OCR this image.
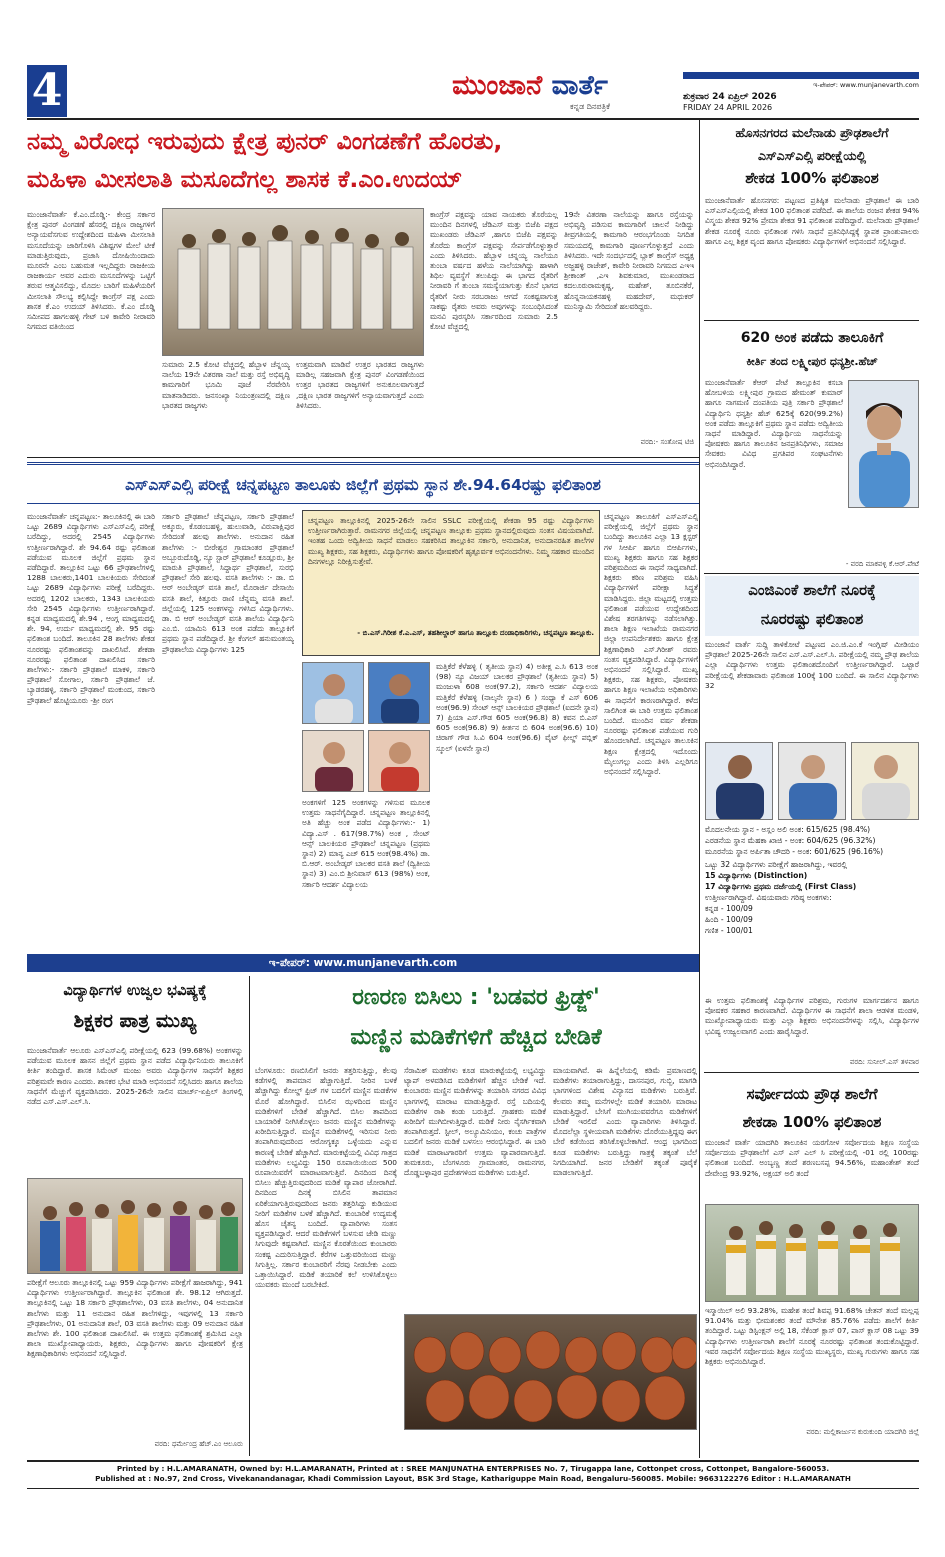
4	ಮುಂಜಾನೆ ವಾರ್ತೆ
ಕನ್ನಡ ದಿನಪತ್ರಿಕೆ
ಇ-ಪೇಪರ್: www.munjanevarth.com
ಶುಕ್ರವಾರ 24 ಏಪ್ರಿಲ್ 2026
FRIDAY 24 APRIL 2026
ನಮ್ಮ ವಿರೋಧ ಇರುವುದು ಕ್ಷೇತ್ರ ಪುನರ್ ವಿಂಗಡಣೆಗೆ ಹೊರತು,
ಮಹಿಳಾ ಮೀಸಲಾತಿ ಮಸೂದೆಗಲ್ಲ ಶಾಸಕ ಕೆ.ಎಂ.ಉದಯ್
ಮುಂಜಾನೆವಾರ್ತೆ ಕೆ.ಎಂ.ದೊಡ್ಡಿ:- ಕೇಂದ್ರ ಸರ್ಕಾರ ಕ್ಷೇತ್ರ ಪುನರ್ ವಿಂಗಡಣೆ ಹೆಸರಲ್ಲಿ ದಕ್ಷಿಣ ರಾಜ್ಯಗಳಿಗೆ ಅನ್ಯಾಯವೆಸಗುವ ಉದ್ದೇಶದಿಂದ ಮಹಿಳಾ ಮೀಸಲಾತಿ ಮಸೂದೆಯನ್ನು ಜಾರಿಗೊಳಿಸಿ ವಿಶಿಷ್ಟಗಳ ಮೇಲೆ ಟೀಕೆ ಮಾಡುತ್ತಿರುವುದು, ಪ್ರಜಾಸಿ ದೋಷಿಯಿಂದಾದು ಮೂರನೇ ಎಂಬ ಬಹುಮತ ಇಲ್ಲದಿದ್ದರು ರಾಜಕೀಯ ರಾಜಕಾರ್ಯ ಅವರ ಎದುರು ಮಸೂದೆಗಳನ್ನು ಒಟ್ಟಿಗೆ ತರುವ ಆತ್ಮವಿಸಲಿದ್ದು, ಮೊದಲ ಬಾರಿಗೆ ಮಹಿಳೆಯರಿಗೆ ಮೀಸಲಾತಿ ಸೌಲಭ್ಯ ಕಲ್ಪಿಸಿದ್ದೇ ಕಾಂಗ್ರೆಸ್ ಪಕ್ಷ ಎಂದು ಶಾಸಕ ಕೆ.ಎಂ ಉದಯ್ ತಿಳಿಸಿದರು. ಕೆ.ಎಂ ದೊಡ್ಡಿ ಸಮೀಪದ ಹಾಗಲಹಳ್ಳಿ ಗೇಟ್ ಬಳಿ ಕಾವೇರಿ ನೀರಾವರಿ ನಿಗಮದ ವತಿಯಿಂದ
ಸುಮಾರು 2.5 ಕೋಟಿ ವೆಚ್ಚದಲ್ಲಿ ಹೆಬ್ಬಾಳ ಚೆನ್ನಯ್ಯ ನಾಲೆಯ 19ನೇ ವಿತರಣಾ ನಾಲೆ ಮತ್ತು ರಸ್ತೆ ಅಭಿವೃದ್ಧಿ ಕಾಮಗಾರಿಗೆ ಭೂಮಿ ಪೂಜೆ ನೆರವೇರಿಸಿ ಮಾತನಾಡಿದರು. ಜನಸಂಖ್ಯಾ ನಿಯಂತ್ರಣದಲ್ಲಿ ದಕ್ಷಿಣ ಭಾರತದ ರಾಜ್ಯಗಳು
ಉತ್ತಮವಾಗಿ ಮಾಡಿವೆ ಉತ್ತರ ಭಾರತದ ರಾಜ್ಯಗಳು ಮಾಡಿಲ್ಲ ಸಹಜವಾಗಿ ಕ್ಷೇತ್ರ ಪುನರ್ ವಿಂಗಡಣೆಯಿಂದ ಉತ್ತರ ಭಾರತದ ರಾಜ್ಯಗಳಿಗೆ ಅನುಕೂಲವಾಗುತ್ತದೆ ,ದಕ್ಷಿಣ ಭಾರತ ರಾಜ್ಯಗಳಿಗೆ ಅನ್ಯಾಯವಾಗುತ್ತದೆ ಎಂದು ತಿಳಿಸಿದರು.
ಕಾಂಗ್ರೆಸ್ ಪಕ್ಷವನ್ನು ಯಾವ ನಾಯಕರು ತೊರೆಯಲ್ಲ ಮುಂದಿನ ದಿನಗಳಲ್ಲಿ ಜೆಡಿಎಸ್ ಮತ್ತು ಬಿಜೆಪಿ ಪಕ್ಷದ ಮುಖಂಡರು ಜೆಡಿಎಸ್ ,ಹಾಗೂ ಬಿಜೆಪಿ ಪಕ್ಷವನ್ನು ತೊರೆದು ಕಾಂಗ್ರೆಸ್ ಪಕ್ಷವನ್ನು ಸೇರ್ಪಡೆಗೊಳ್ಳುತ್ತಾರೆ ಎಂದು ತಿಳಿಸಿದರು. ಹೆಬ್ಬಾಳ ಚನ್ನಯ್ಯ ನಾಲೆಯೂ ತುಂಬಾ ವರ್ಷದ ಹಳೆಯ ನಾಲೆಯಾಗಿದ್ದು ಹಾಳಾಗಿ ಶಿಥಿಲ ವ್ಯವಸ್ಥೆಗೆ ತಲುಪಿದ್ದು ಈ ಭಾಗದ ರೈತರಿಗೆ ನೀರಾವರಿ ಗೆ ತುಂಬಾ ಸಮಸ್ಯೆಯಾಗುತ್ತು ಕೊನೆ ಭಾಗದ ರೈತರಿಗೆ ನೀರು ಸರಬರಾಜು ಆಗದೆ ಸಂಕಷ್ಟವಾಗುತ್ತ ಸಾಕಷ್ಟು ರೈತರು ಅವರು ಅವುಗಳನ್ನು ಸಂಬಂಧಿಸಿದಂತೆ ಮನವಿ ಪುರಸ್ಕರಿಸಿ ಸರ್ಕಾರದಿಂದ ಸುಮಾರು 2.5 ಕೋಟಿ ವೆಚ್ಚದಲ್ಲಿ
19ನೇ ವಿತರಣಾ ನಾಲೆಯನ್ನು ಹಾಗೂ ರಸ್ತೆಯನ್ನು ಅಭಿವೃದ್ಧಿ ಪಡಿಸುವ ಕಾಮಗಾರಿಗೆ ಚಾಲನೆ ನೀಡಿದ್ದು ತೀವ್ರಗತಿಯಲ್ಲಿ ಕಾಮಗಾರಿ ಆರಂಭಗೊಂಡು ನಿಗದಿತ ಸಮಯದಲ್ಲಿ ಕಾಮಗಾರಿ ಪೂರ್ಣಗೊಳ್ಳುತ್ತದೆ ಎಂದು ತಿಳಿಸಿದರು. ಇದೇ ಸಂದರ್ಭದಲ್ಲಿ ಬ್ಲಾಕ್ ಕಾಂಗ್ರೆಸ್ ಅಧ್ಯಕ್ಷ ಅಜ್ಜಹಳ್ಳಿ ರಾಜೇಶ್, ಕಾವೇರಿ ನೀರಾವರಿ ನಿಗಮದ ಎಇಇ ಶ್ರೀಕಾಂತ್ ,ಎಇ ಶಿವಕುಮಾರ, ಮುಖಂಡರಾದ ಕದಲೂರುರಾಮಕೃಷ್ಣ, ಮಹೇಶ್, ತೂಬಿನಕೆರೆ, ಹೊನ್ನನಾಯಕನಹಳ್ಳಿ ಮಹದೇವ್, ಮಧುಕರ್ ಮುನಿಸ್ವಾಮಿ ಸೇರಿದಂತೆ ಹಲವರಿದ್ದರು.
ವರದಿ:- ಸಂತೋಷ ಟಿಜಿ
ಹೊಸನಗರದ ಮಲೆನಾಡು ಪ್ರೌಢಶಾಲೆಗೆ
ಎಸ್ಎಸ್ಎಲ್ಸಿ ಪರೀಕ್ಷೆಯಲ್ಲಿ
ಶೇಕಡ 100% ಫಲಿತಾಂಶ
ಮುಂಜಾನೆವಾರ್ತೆ ಹೊಸನಗರ: ಪಟ್ಟಣದ ಪ್ರತಿಷ್ಠಿತ ಮಲೆನಾಡು ಪ್ರೌಢಶಾಲೆ ಈ ಬಾರಿ ಎಸ್ಎಸ್ಎಲ್ಸಿಯಲ್ಲಿ ಶೇಕಡ 100 ಫಲಿತಾಂಶ ಪಡೆದಿದೆ. ಈ ಶಾಲೆಯ ರಂಜನ ಶೇಕಡ 94% ವಿಸ್ಮಯ ಶೇಕಡ 92% ಪ್ರೇಮಾ ಶೇಕಡ 91 ಫಲಿತಾಂಶ ಪಡೆದಿದ್ದಾರೆ. ಮಲೆನಾಡು ಪ್ರೌಢಶಾಲೆ ಶೇಕಡ ನೂರಕ್ಕೆ ನೂರು ಫಲಿತಾಂಶ ಗಳಿಸಿ ಸಾಧನೆ ಪ್ರತಿನಿಧಿಸಿದ್ದಕ್ಕೆ ಸ್ಥಾಪಕ ಪ್ರಾಂಶುಪಾಲರು ಹಾಗೂ ಎಲ್ಲ ಶಿಕ್ಷಕ ವೃಂದ ಹಾಗೂ ಪೋಷಕರು ವಿದ್ಯಾರ್ಥಿಗಳಿಗೆ ಅಭಿನಂದನೆ ಸಲ್ಲಿಸಿದ್ದಾರೆ.
620 ಅಂಕ ಪಡೆದು ತಾಲೂಕಿಗೆ
ಕೀರ್ತಿ ತಂದ ಲಕ್ಷ್ಮೀಪುರ ಧನ್ಯಶ್ರೀ.ಹೆಚ್
ಮುಂಜಾನೆವಾರ್ತೆ ಕೆಆರ್ ಪೇಟೆ ತಾಲ್ಲೂಕಿನ ಕಸಬಾ ಹೋಬಳಿಯ ಲಕ್ಷ್ಮೀಪುರ ಗ್ರಾಮದ ಹೇಮಂತ್ ಕುಮಾರ್ ಹಾಗೂ ನಾಗಮಣಿ ದಂಪತಿಯ ಪುತ್ರಿ ಸರ್ಕಾರಿ ಪ್ರೌಢಶಾಲೆ ವಿದ್ಯಾರ್ಥಿನಿ ಧನ್ಯಶ್ರೀ ಹೆಚ್ 625ಕ್ಕೆ 620(99.2%) ಅಂಕ ಪಡೆದು ತಾಲ್ಲೂಕಿಗೆ ಪ್ರಥಮ ಸ್ಥಾನ ಪಡೆದು ಅದ್ವಿತೀಯ ಸಾಧನೆ ಮಾಡಿದ್ದಾರೆ. ವಿದ್ಯಾರ್ಥಿಯ ಸಾಧನೆಯನ್ನು ಪೋಷಕರು ಹಾಗೂ ತಾಲೂಕಿನ ಜನಪ್ರತಿನಿಧಿಗಳು, ಸಮಾಜ ಸೇವಕರು ವಿವಿಧ ಪ್ರಗತಿಪರ ಸಂಘಟನೆಗಳು ಅಭಿನಂದಿಸಿದ್ದಾರೆ.
- ವರದಿ ಮಾಕವಳ್ಳಿ ಕೆ.ಆರ್.ಪೇಟೆ
ಎಂಜಿಎಂಕೆ ಶಾಲೆಗೆ ನೂರಕ್ಕೆ
ನೂರರಷ್ಟು ಫಲಿತಾಂಶ
ಮುಂಜಾನೆ ವಾರ್ತೆ ಸುದ್ದಿ ತಾಳಿಕೋಟೆ ಪಟ್ಟಣದ ಎಂ.ಜಿ.ಎಂ.ಕೆ ಇಂಗ್ಲಿಷ್ ಮೀಡಿಯಂ ಪ್ರೌಢಶಾಲೆ 2025-26ನೇ ಸಾಲಿನ ಎಸ್.ಎಸ್.ಎಲ್.ಸಿ. ಪರೀಕ್ಷೆಯಲ್ಲಿ ನಮ್ಮ ಪ್ರೌಢ ಶಾಲೆಯ ಎಲ್ಲಾ ವಿದ್ಯಾರ್ಥಿಗಳು ಉತ್ತಮ ಫಲಿತಾಂಶದೊಂದಿಗೆ ಉತ್ತೀರ್ಣರಾಗಿದ್ದಾರೆ. ಒಟ್ಟಾರೆ ಪರೀಕ್ಷೆಯಲ್ಲಿ ಶೇಕಡಾವಾರು ಫಲಿತಾಂಶ 100ಕ್ಕೆ 100 ಬಂದಿದೆ. ಈ ಸಾಲಿನ ವಿದ್ಯಾರ್ಥಿಗಳು 32
ಮೊದಲನೇಯ ಸ್ಥಾನ - ಅಸ್ಲಂ ಅಲಿ ಅಂಕ: 615/625 (98.4%)
ಎರಡನೆಯ ಸ್ಥಾನ ಮೆಹಕಾ ಖಾಜಿ - ಅಂಕ: 604/625 (96.32%)
ಮೂರನೆಯ ಸ್ಥಾನ ಅರ್ಪಿತಾ ಚೌದರಿ - ಅಂಕ: 601/625 (96.16%)
ಒಟ್ಟು 32 ವಿದ್ಯಾರ್ಥಿಗಳು ಪರೀಕ್ಷೆಗೆ ಹಾಜರಾಗಿದ್ದು, ಇವರಲ್ಲಿ
15 ವಿದ್ಯಾರ್ಥಿಗಳು (Distinction)
17 ವಿದ್ಯಾರ್ಥಿಗಳು ಪ್ರಥಮ ದರ್ಜೆಯಲ್ಲಿ (First Class)
ಉತ್ತೀರ್ಣರಾಗಿದ್ದಾರೆ. ವಿಷಯವಾರು ಗರಿಷ್ಠ ಅಂಕಗಳು:
ಕನ್ನಡ - 100/09
ಹಿಂದಿ - 100/09
ಗಣಿತ - 100/01
ಈ ಉತ್ತಮ ಫಲಿತಾಂಶಕ್ಕೆ ವಿದ್ಯಾರ್ಥಿಗಳ ಪರಿಶ್ರಮ, ಗುರುಗಳ ಮಾರ್ಗದರ್ಶನ ಹಾಗೂ ಪೋಷಕರ ಸಹಕಾರ ಕಾರಣವಾಗಿದೆ. ವಿದ್ಯಾರ್ಥಿಗಳ ಈ ಸಾಧನೆಗೆ ಶಾಲಾ ಆಡಳಿತ ಮಂಡಳಿ, ಮುಖ್ಯೋಪಾಧ್ಯಾಯರು ಮತ್ತು ಎಲ್ಲಾ ಶಿಕ್ಷಕರು ಅಭಿನಂದನೆಗಳನ್ನು ಸಲ್ಲಿಸಿ, ವಿದ್ಯಾರ್ಥಿಗಳ ಭವಿಷ್ಯ ಉಜ್ವಲವಾಗಲಿ ಎಂದು ಹಾರೈಸಿದ್ದಾರೆ.
ವರದಿ: ಸುನೀಲ್.ಎಸ್ ತಳವಾರ
ಸರ್ವೋದಯ ಪ್ರೌಢ ಶಾಲೆಗೆ
ಶೇಕಡಾ 100% ಫಲಿತಾಂಶ
ಮುಂಜಾನೆ ವಾರ್ತೆ ಯಾದಗಿರಿ ತಾಲೂಕಿನ ಯರಗೋಳ ಸರ್ವೋದಯ ಶಿಕ್ಷಣ ಸಂಸ್ಥೆಯ ಸರ್ವೋದಯ ಪ್ರೌಢಶಾಲೆಗೆ ಎಸ್ ಎಸ್ ಎಲ್ ಸಿ ಪರೀಕ್ಷೆಯಲ್ಲಿ -01 ರಲ್ಲಿ 100ರಷ್ಟು ಫಲಿತಾಂಶ ಬಂದಿದೆ. ಅಂಬ್ಯಣ್ಣ ತಂದೆ ಶರಣಬಸಪ್ಪ 94.56%, ಮಹಾಂತೇಶ್ ತಂದೆ ದೇವೇಂದ್ರ 93.92%, ಅಕ್ಷಯ್ ಅಲಿ ತಂದೆ
ಇಸ್ಮಾಯಿಲ್ ಅಲಿ 93.28%, ಮಹೇಶ ತಂದೆ ಶಿವಪ್ಪ 91.68% ಚೇತನ್ ತಂದೆ ಮಲ್ಲಪ್ಪ 91.04% ಮತ್ತು ಭೀಮಶಂಕರ ತಂದೆ ಮೌನೇಶ 85.76% ಪಡೆದು ಶಾಲೆಗೆ ಕೀರ್ತಿ ತಂದಿದ್ದಾರೆ. ಒಟ್ಟು ಡಿಸ್ಟಿಂಕ್ಷನ್ ಅಲ್ಲಿ 18, ಸೆಕೆಂಡ್ ಕ್ಲಾಸ್ 07, ಪಾಸ್ ಕ್ಲಾಸ್ 08 ಒಟ್ಟು 39 ವಿದ್ಯಾರ್ಥಿಗಳು ಉತ್ತೀರ್ಣರಾಗಿ ಶಾಲೆಗೆ ನೂರಕ್ಕೆ ನೂರರಷ್ಟು ಫಲಿತಾಂಶ ತಂದುಕೊಟ್ಟಿದ್ದಾರೆ. ಇವರ ಸಾಧನೆಗೆ ಸರ್ವೋದಯ ಶಿಕ್ಷಣ ಸಂಸ್ಥೆಯ ಮುಖ್ಯಸ್ಥರು, ಮುಖ್ಯ ಗುರುಗಳು ಹಾಗೂ ಸಹ ಶಿಕ್ಷಕರು ಅಭಿನಂದಿಸಿದ್ದಾರೆ.
ವರದಿ: ಮಲ್ಲಿಕಾರ್ಜುನ ಕುರುಕುಂದಿ ಯಾದಗಿರಿ ಜಿಲ್ಲೆ
ಎಸ್ಎಸ್ಎಲ್ಸಿ ಪರೀಕ್ಷೆ ಚನ್ನಪಟ್ಟಣ ತಾಲೂಕು ಜಿಲ್ಲೆಗೆ ಪ್ರಥಮ ಸ್ಥಾನ ಶೇ.94.64ರಷ್ಟು ಫಲಿತಾಂಶ
ಮುಂಜಾನೆವಾರ್ತೆ ಚನ್ನಪಟ್ಟಣ:- ತಾಲೂಕಿನಲ್ಲಿ ಈ ಬಾರಿ ಒಟ್ಟು 2689 ವಿದ್ಯಾರ್ಥಿಗಳು ಎಸ್ಎಸ್ಎಲ್ಸಿ ಪರೀಕ್ಷೆ ಬರೆದಿದ್ದು, ಅದರಲ್ಲಿ 2545 ವಿದ್ಯಾರ್ಥಿಗಳು ಉತ್ತೀರ್ಣರಾಗಿದ್ದಾರೆ. ಶೇ 94.64 ರಷ್ಟು ಫಲಿತಾಂಶ ಪಡೆಯುವ ಮೂಲಕ ಜಿಲ್ಲೆಗೆ ಪ್ರಥಮ ಸ್ಥಾನ ಪಡೆದಿದ್ದಾರೆ. ತಾಲ್ಲೂಕಿನ ಒಟ್ಟು 66 ಪ್ರೌಢಶಾಲೆಗಳಲ್ಲಿ 1288 ಬಾಲಕರು,1401 ಬಾಲಕಿಯರು ಸೇರಿದಂತೆ ಒಟ್ಟು 2689 ವಿದ್ಯಾರ್ಥಿಗಳು ಪರೀಕ್ಷೆ ಬರೆದಿದ್ದರು. ಅದರಲ್ಲಿ 1202 ಬಾಲಕರು, 1343 ಬಾಲಕಿಯರು ಸೇರಿ 2545 ವಿದ್ಯಾರ್ಥಿಗಳು ಉತ್ತೀರ್ಣರಾಗಿದ್ದಾರೆ. ಕನ್ನಡ ಮಾಧ್ಯಮದಲ್ಲಿ ಶೇ.94 , ಆಂಗ್ಲ ಮಾಧ್ಯಮದಲ್ಲಿ ಶೇ. 94, ಉರ್ದು ಮಾಧ್ಯಮದಲ್ಲಿ ಶೇ. 95 ರಷ್ಟು ಫಲಿತಾಂಶ ಬಂದಿದೆ. ತಾಲೂಕಿನ 28 ಶಾಲೆಗಳು ಶೇಕಡ ನೂರರಷ್ಟು ಫಲಿತಾಂಶವನ್ನು ದಾಖಲಿಸಿವೆ. ಶೇಕಡಾ ನೂರರಷ್ಟು ಫಲಿತಾಂಶ ದಾಖಲಿಸಿದ ಸರ್ಕಾರಿ ಶಾಲೆಗಳು:- ಸರ್ಕಾರಿ ಪ್ರೌಢಶಾಲೆ ಮಾಕಳಿ, ಸರ್ಕಾರಿ ಪ್ರೌಢಶಾಲೆ ಸೋಗಾಲ, ಸರ್ಕಾರಿ ಪ್ರೌಢಶಾಲೆ ಜೆ. ಬ್ಯಾಡರಹಳ್ಳಿ, ಸರ್ಕಾರಿ ಪ್ರೌಢಶಾಲೆ ಮಂಕುಂದ, ಸರ್ಕಾರಿ ಪ್ರೌಢಶಾಲೆ ಹೊಟ್ಟಿಯೂರು -ಶ್ರೀ ರಂಗ
ಸರ್ಕಾರಿ ಪ್ರೌಢಶಾಲೆ ಚೆನ್ನಪಟ್ಟಣ, ಸರ್ಕಾರಿ ಪ್ರೌಢಶಾಲೆ ಅಕ್ಕೂರು, ಕೊಡಂಬಹಳ್ಳಿ, ಹುಲುವಾಡಿ, ವಿರುಪಾಕ್ಷಿಪುರ ಸೇರಿದಂತೆ ಹಲವು ಶಾಲೆಗಳು. ಅನುದಾನ ರಹಿತ ಶಾಲೆಗಳು :- ಬೀರೇಶ್ವರ ಗ್ರಾಮಾಂತರ ಪ್ರೌಢಶಾಲೆ ಅಬ್ಬೂರುದೊಡ್ಡಿ, ನ್ಯೂ ಸ್ಟಾರ್ ಪ್ರೌಢಶಾಲೆ ಕೂಡ್ಲೂರು, ಶ್ರೀ ಮಾರುತಿ ಪ್ರೌಢಶಾಲೆ, ಸಿದ್ದಾರ್ಥ ಪ್ರೌಢಶಾಲೆ, ಸುರಭಿ ಪ್ರೌಢಶಾಲೆ ಸೇರಿ ಹಲವು. ವಸತಿ ಶಾಲೆಗಳು :- ಡಾ. ಬಿ ಆರ್ ಅಂಬೇಡ್ಕರ್ ವಸತಿ ಶಾಲೆ, ಮೊರಾರ್ಜಿ ದೇಸಾಯಿ ವಸತಿ ಶಾಲೆ, ಕಿತ್ತೂರು ರಾಣಿ ಚೆನ್ನಮ್ಮ ವಸತಿ ಶಾಲೆ. ಜಿಲ್ಲೆಯಲ್ಲಿ 125 ಅಂಕಗಳನ್ನು ಗಳಿಸಿದ ವಿದ್ಯಾರ್ಥಿಗಳು. ಡಾ. ಬಿ ಆರ್ ಅಂಬೇಡ್ಕರ್ ವಸತಿ ಶಾಲೆಯ ವಿದ್ಯಾರ್ಥಿನಿ ಎಂ.ಬಿ. ಯಾಮಿನಿ 613 ಅಂಕ ಪಡೆದು ತಾಲ್ಲೂಕಿಗೆ ಪ್ರಥಮ ಸ್ಥಾನ ಪಡೆದಿದ್ದಾರೆ. ಶ್ರೀ ಕೆಂಗಲ್ ಹನುಮಂತಯ್ಯ ಪ್ರೌಢಶಾಲೆಯ ವಿದ್ಯಾರ್ಥಿಗಳು 125
ಚನ್ನಪಟ್ಟಣ ತಾಲ್ಲೂಕಿನಲ್ಲಿ 2025-26ನೇ ಸಾಲಿನ SSLC ಪರೀಕ್ಷೆಯಲ್ಲಿ ಶೇಕಡಾ 95 ರಷ್ಟು ವಿದ್ಯಾರ್ಥಿಗಳು ಉತ್ತೀರ್ಣರಾಗಿರುತ್ತಾರೆ. ರಾಮನಗರ ಜಿಲ್ಲೆಯಲ್ಲಿ ಚನ್ನಪಟ್ಟಣ ತಾಲ್ಲೂಕು ಪ್ರಥಮ ಸ್ಥಾನದಲ್ಲಿರುವುದು ಸಂತಸ ವಿಷಯವಾಗಿದೆ. ಇಂತಹ ಒಂದು ಅದ್ವಿತೀಯ ಸಾಧನೆ ಮಾಡಲು ಸಹಕರಿಸಿದ ತಾಲ್ಲೂಕಿನ ಸರ್ಕಾರಿ, ಅನುದಾನಿತ, ಅನುದಾನರಹಿತ ಶಾಲೆಗಳ ಮುಖ್ಯ ಶಿಕ್ಷಕರು, ಸಹ ಶಿಕ್ಷಕರು, ವಿದ್ಯಾರ್ಥಿಗಳು ಹಾಗೂ ಪೋಷಕರಿಗೆ ಹೃತ್ಪೂರ್ವಕ ಅಭಿನಂದನೆಗಳು. ನಿಮ್ಮ ಸಹಕಾರ ಮುಂದಿನ ದಿನಗಳಲ್ಲೂ ನಿರೀಕ್ಷಿಸುತ್ತೇವೆ.
- ಬಿ.ಎಸ್.ಗಿರೀಶ ಕೆ.ಎ.ಎಸ್, ತಹಶೀಲ್ದಾರ್ ಹಾಗೂ ತಾಲ್ಲೂಕು ದಂಡಾಧಿಕಾರಿಗಳು, ಚನ್ನಪಟ್ಟಣ ತಾಲ್ಲೂಕು.
ಚನ್ನಪಟ್ಟಣ ತಾಲೂಕಿಗೆ ಎಸ್ಎಸ್ಎಲ್ಸಿ ಪರೀಕ್ಷೆಯಲ್ಲಿ ಜಿಲ್ಲೆಗೆ ಪ್ರಥಮ ಸ್ಥಾನ ಬಂದಿದ್ದು ತಾಲೂಕಿನ ಎಲ್ಲಾ 13 ಕ್ಲಸ್ಟರ್ ಗಳ ಸಿಆರ್ಪಿ ಹಾಗೂ ಬಿಆರ್ಪಿಗಳು, ಮುಖ್ಯ ಶಿಕ್ಷಕರು ಹಾಗೂ ಸಹ ಶಿಕ್ಷಕರ ಪರಿಶ್ರಮದಿಂದ ಈ ಸಾಧನೆ ಸಾಧ್ಯವಾಗಿದೆ. ಶಿಕ್ಷಕರು ಕಠಿಣ ಪರಿಶ್ರಮ ವಹಿಸಿ ವಿದ್ಯಾರ್ಥಿಗಳಿಗೆ ಪರೀಕ್ಷಾ ಸಿದ್ಧತೆ ಮಾಡಿಸಿದ್ದರು. ಜಿಲ್ಲಾ ಮಟ್ಟದಲ್ಲಿ ಉತ್ತಮ ಫಲಿತಾಂಶ ಪಡೆಯುವ ಉದ್ದೇಶದಿಂದ ವಿಶೇಷ ತರಗತಿಗಳನ್ನು ನಡೆಸಲಾಗಿತ್ತು. ಶಾಲಾ ಶಿಕ್ಷಣ ಇಲಾಖೆಯ ರಾಮನಗರ ಜಿಲ್ಲಾ ಉಪನಿರ್ದೇಶಕರು ಹಾಗೂ ಕ್ಷೇತ್ರ ಶಿಕ್ಷಣಾಧಿಕಾರಿ ಎಸ್.ಗಿರೀಶ್ ರವರು ಸಂತಸ ವ್ಯಕ್ತಪಡಿಸಿದ್ದಾರೆ. ವಿದ್ಯಾರ್ಥಿಗಳಿಗೆ ಅಭಿನಂದನೆ ಸಲ್ಲಿಸಿದ್ದಾರೆ. ಮುಖ್ಯ ಶಿಕ್ಷಕರು, ಸಹ ಶಿಕ್ಷಕರು, ಪೋಷಕರು ಹಾಗೂ ಶಿಕ್ಷಣ ಇಲಾಖೆಯ ಅಧಿಕಾರಿಗಳು ಈ ಸಾಧನೆಗೆ ಕಾರಣರಾಗಿದ್ದಾರೆ. ಕಳೆದ ಸಾಲಿಗಿಂತ ಈ ಬಾರಿ ಉತ್ತಮ ಫಲಿತಾಂಶ ಬಂದಿದೆ. ಮುಂದಿನ ವರ್ಷ ಶೇಕಡಾ ನೂರರಷ್ಟು ಫಲಿತಾಂಶ ಪಡೆಯುವ ಗುರಿ ಹೊಂದಲಾಗಿದೆ. ಚನ್ನಪಟ್ಟಣ ತಾಲೂಕಿನ ಶಿಕ್ಷಣ ಕ್ಷೇತ್ರದಲ್ಲಿ ಇದೊಂದು ಮೈಲುಗಲ್ಲು ಎಂದು ತಿಳಿಸಿ ಎಲ್ಲರಿಗೂ ಅಭಿನಂದನೆ ಸಲ್ಲಿಸಿದ್ದಾರೆ.
ಅಂಕಗಳಿಗೆ 125 ಅಂಕಗಳನ್ನು ಗಳಿಸುವ ಮೂಲಕ ಉತ್ತಮ ಸಾಧನೆಗೈದಿದ್ದಾರೆ. ಚನ್ನಪಟ್ಟಣ ತಾಲ್ಲೂಕಿನಲ್ಲಿ ಅತಿ ಹೆಚ್ಚು ಅಂಕ ಪಡೆದ ವಿದ್ಯಾರ್ಥಿಗಳು:- 1) ವಿದ್ಯಾ.ಎಸ್ . 617(98.7%) ಅಂಕ , ಸೇಂಟ್ ಆನ್ಸ್ ಬಾಲಕಿಯರ ಪ್ರೌಢಶಾಲೆ ಚನ್ನಪಟ್ಟಣ (ಪ್ರಥಮ ಸ್ಥಾನ) 2) ಮಾನ್ಯ ಎಚ್ 615 ಅಂಕ(98.4%) ಡಾ. ಬಿ.ಆರ್. ಅಂಬೇಡ್ಕರ್ ಬಾಲಕರ ವಸತಿ ಶಾಲೆ (ದ್ವಿತೀಯ ಸ್ಥಾನ) 3) ಎಂ.ಬಿ ಶ್ರೀನಿವಾಸ್ 613 (98%) ಅಂಕ, ಸರ್ಕಾರಿ ಆದರ್ಶ ವಿದ್ಯಾಲಯ
ಮತ್ತಿಕೆರೆ ಕೆಳೆಹಳ್ಳಿ ( ತೃತೀಯ ಸ್ಥಾನ) 4) ಅತೀಕ್ಷ ಎ.ಸಿ 613 ಅಂಕ (98) ನ್ಯೂ ವಿಜಯ್ ಬಾಲಕರ ಪ್ರೌಢಶಾಲೆ (ತೃತೀಯ ಸ್ಥಾನ) 5) ಮಂಜುಳಾ 608 ಅಂಕ(97.2), ಸರ್ಕಾರಿ ಆದರ್ಶ ವಿದ್ಯಾಲಯ ಮತ್ತಿಕೆರೆ ಕೆಳೆಹಳ್ಳಿ (ನಾಲ್ಕನೇ ಸ್ಥಾನ) 6 ) ಸಂಧ್ಯಾ ಕೆ ಎಸ್ 606 ಅಂಕ(96.9) ಸೇಂಟ್ ಆನ್ಸ್ ಬಾಲಕಿಯರ ಪ್ರೌಢಶಾಲೆ (ಐದನೇ ಸ್ಥಾನ) 7) ಪ್ರಿಯಾ ಎಸ್.ಗೌಡ 605 ಅಂಕ(96.8) 8) ಕವನ ಬಿ.ಎಸ್ 605 ಅಂಕ(96.8) 9) ಕೀರ್ತನ ಬಿ 604 ಅಂಕ(96.6) 10) ಚಿರಾಗ್ ಗೌಡ ಸಿ.ವಿ 604 ಅಂಕ(96.6) ವೈಟ್ ಫೀಲ್ಡ್ ಪಬ್ಲಿಕ್ ಸ್ಕೂಲ್ (ಏಳನೇ ಸ್ಥಾನ)
ಇ-ಪೇಪರ್: www.munjanevarth.com
ವಿದ್ಯಾರ್ಥಿಗಳ ಉಜ್ವಲ ಭವಿಷ್ಯಕ್ಕೆ
ಶಿಕ್ಷಕರ ಪಾತ್ರ ಮುಖ್ಯ
ಮುಂಜಾನೆವಾರ್ತೆ ಆಲೂರು ಎಸ್ಎಸ್ಎಲ್ಸಿ ಪರೀಕ್ಷೆಯಲ್ಲಿ 623 (99.68%) ಅಂಕಗಳನ್ನು ಪಡೆಯುವ ಮೂಲಕ ಹಾಸನ ಜಿಲ್ಲೆಗೆ ಪ್ರಥಮ ಸ್ಥಾನ ಪಡೆದ ವಿದ್ಯಾರ್ಥಿನಿಯರು ತಾಲೂಕಿಗೆ ಕೀರ್ತಿ ತಂದಿದ್ದಾರೆ. ಶಾಸಕ ಸಿಮೆಂಟ್ ಮಂಜು ಅವರು ವಿದ್ಯಾರ್ಥಿಗಳ ಸಾಧನೆಗೆ ಶಿಕ್ಷಕರ ಪರಿಶ್ರಮವೇ ಕಾರಣ ಎಂದರು. ಶಾಸಕರ ಭೇಟಿ ಮಾಡಿ ಅಭಿನಂದನೆ ಸಲ್ಲಿಸಿದರು ಹಾಗೂ ಶಾಲೆಯ ಸಾಧನೆಗೆ ಮೆಚ್ಚುಗೆ ವ್ಯಕ್ತಪಡಿಸಿದರು. 2025-26ನೇ ಸಾಲಿನ ಮಾರ್ಚ್-ಏಪ್ರಿಲ್ ತಿಂಗಳಲ್ಲಿ ನಡೆದ ಎಸ್.ಎಸ್.ಎಲ್.ಸಿ.
ಪರೀಕ್ಷೆಗೆ ಆಲೂರು ತಾಲ್ಲೂಕಿನಲ್ಲಿ ಒಟ್ಟು 959 ವಿದ್ಯಾರ್ಥಿಗಳು ಪರೀಕ್ಷೆಗೆ ಹಾಜರಾಗಿದ್ದು, 941 ವಿದ್ಯಾರ್ಥಿಗಳು ಉತ್ತೀರ್ಣರಾಗಿದ್ದಾರೆ. ತಾಲ್ಲೂಕಿನ ಫಲಿತಾಂಶ ಶೇ. 98.12 ಆಗಿರುತ್ತದೆ. ತಾಲ್ಲೂಕಿನಲ್ಲಿ ಒಟ್ಟು 18 ಸರ್ಕಾರಿ ಪ್ರೌಢಶಾಲೆಗಳು, 03 ವಸತಿ ಶಾಲೆಗಳು, 04 ಅನುದಾನಿತ ಶಾಲೆಗಳು ಮತ್ತು 11 ಅನುದಾನ ರಹಿತ ಶಾಲೆಗಳಿದ್ದು, ಇವುಗಳಲ್ಲಿ 13 ಸರ್ಕಾರಿ ಪ್ರೌಢಶಾಲೆಗಳು, 01 ಅನುದಾನಿತ ಶಾಲೆ, 03 ವಸತಿ ಶಾಲೆಗಳು ಮತ್ತು 09 ಅನುದಾನ ರಹಿತ ಶಾಲೆಗಳು ಶೇ. 100 ಫಲಿತಾಂಶ ದಾಖಲಿಸಿವೆ. ಈ ಉತ್ತಮ ಫಲಿತಾಂಶಕ್ಕೆ ಶ್ರಮಿಸಿದ ಎಲ್ಲಾ ಶಾಲಾ ಮುಖ್ಯೋಪಾಧ್ಯಾಯರು, ಶಿಕ್ಷಕರು, ವಿದ್ಯಾರ್ಥಿಗಳು ಹಾಗೂ ಪೋಷಕರಿಗೆ ಕ್ಷೇತ್ರ ಶಿಕ್ಷಣಾಧಿಕಾರಿಗಳು ಅಭಿನಂದನೆ ಸಲ್ಲಿಸಿದ್ದಾರೆ.
ವರದಿ: ಧರ್ಮೇಂದ್ರ ಹೆಚ್.ಎಂ ಆಲೂರು
ರಣರಣ ಬಿಸಿಲು : 'ಬಡವರ ಫ್ರಿಡ್ಜ್'
ಮಣ್ಣಿನ ಮಡಿಕೆಗಳಿಗೆ ಹೆಚ್ಚಿದ ಬೇಡಿಕೆ
ಬೆಂಗಳೂರು: ರಣಬಿಸಿಲಿಗೆ ಜನರು ತತ್ತರಿಸುತ್ತಿದ್ದು, ಕೆಲವು ಕಡೆಗಳಲ್ಲಿ ತಾಪಮಾನ ಹೆಚ್ಚಾಗುತ್ತಿದೆ. ನೀರಿನ ಬಳಕೆ ಹೆಚ್ಚಾಗಿದ್ದು ಕೋಲ್ಡ್ ಫ್ರಿಜ್ ಗಳ ಬದಲಿಗೆ ಮಣ್ಣಿನ ಮಡಕೆಗಳ ಮೊರೆ ಹೋಗಿದ್ದಾರೆ. ಬಿಸಿಲಿನ ಝಳದಿಂದ ಮಣ್ಣಿನ ಮಡಿಕೆಗಳಿಗೆ ಬೇಡಿಕೆ ಹೆಚ್ಚಾಗಿದೆ. ಬಿಸಿಲ ತಾಪದಿಂದ ಬಾಯಾರಿಕೆ ನೀಗಿಸಿಕೊಳ್ಳಲು ಜನರು ಮಣ್ಣಿನ ಮಡಿಕೆಗಳನ್ನು ಖರೀದಿಸುತ್ತಿದ್ದಾರೆ. ಮಣ್ಣಿನ ಮಡಿಕೆಗಳಲ್ಲಿ ಇರಿಸುವ ನೀರು ತಂಪಾಗಿರುವುದರಿಂದ ಆರೋಗ್ಯಕ್ಕೂ ಒಳ್ಳೆಯದು ಎನ್ನುವ ಕಾರಣಕ್ಕೆ ಬೇಡಿಕೆ ಹೆಚ್ಚಾಗಿದೆ. ಮಾರುಕಟ್ಟೆಯಲ್ಲಿ ವಿವಿಧ ಗಾತ್ರದ ಮಡಿಕೆಗಳು ಲಭ್ಯವಿದ್ದು 150 ರೂಪಾಯಿಯಿಂದ 500 ರೂಪಾಯಿವರೆಗೆ ಮಾರಾಟವಾಗುತ್ತಿವೆ. ದಿನದಿಂದ ದಿನಕ್ಕೆ ಬಿಸಿಲು ಹೆಚ್ಚುತ್ತಿರುವುದರಿಂದ ಮಡಿಕೆ ವ್ಯಾಪಾರ ಜೋರಾಗಿದೆ. ದಿನದಿಂದ ದಿನಕ್ಕೆ ಬಿಸಿಲಿನ ತಾಪಮಾನ ಏರಿಕೆಯಾಗುತ್ತಿರುವುದರಿಂದ ಜನರು ತತ್ತರಿಸಿದ್ದು ಕುಡಿಯುವ ನೀರಿಗೆ ಮಡಿಕೆಗಳ ಬಳಕೆ ಹೆಚ್ಚಾಗಿದೆ. ಕುಂಬಾರಿಕೆ ಉದ್ಯಮಕ್ಕೆ ಹೊಸ ಚೈತನ್ಯ ಬಂದಿದೆ. ವ್ಯಾಪಾರಿಗಳು ಸಂತಸ ವ್ಯಕ್ತಪಡಿಸಿದ್ದಾರೆ. ಆದರೆ ಮಡಿಕೆಗಳಿಗೆ ಬಳಸುವ ಜೇಡಿ ಮಣ್ಣು ಸಿಗುವುದೇ ಕಷ್ಟವಾಗಿದೆ. ಮಣ್ಣಿನ ಕೊರತೆಯಿಂದ ಕುಂಬಾರರು ಸಂಕಷ್ಟ ಎದುರಿಸುತ್ತಿದ್ದಾರೆ. ಕೆರೆಗಳ ಒತ್ತುವರಿಯಿಂದ ಮಣ್ಣು ಸಿಗುತ್ತಿಲ್ಲ. ಸರ್ಕಾರ ಕುಂಬಾರರಿಗೆ ನೆರವು ನೀಡಬೇಕು ಎಂದು ಒತ್ತಾಯಿಸಿದ್ದಾರೆ. ಮಡಿಕೆ ತಯಾರಿಕೆ ಕಲೆ ಉಳಿಸಿಕೊಳ್ಳಲು ಯುವಕರು ಮುಂದೆ ಬರಬೇಕಿದೆ.
ಸೆರಾಮಿಕ್ ಮಡಕೆಗಳು ಕೂಡ ಮಾರುಕಟ್ಟೆಯಲ್ಲಿ ಲಭ್ಯವಿದ್ದು ಟ್ಯಾಪ್ ಅಳವಡಿಸಿದ ಮಡಿಕೆಗಳಿಗೆ ಹೆಚ್ಚಿನ ಬೇಡಿಕೆ ಇದೆ. ಕುಂಬಾರರು ಮಣ್ಣಿನ ಮಡಿಕೆಗಳನ್ನು ತಯಾರಿಸಿ ನಗರದ ವಿವಿಧ ಭಾಗಗಳಲ್ಲಿ ಮಾರಾಟ ಮಾಡುತ್ತಿದ್ದಾರೆ. ರಸ್ತೆ ಬದಿಯಲ್ಲಿ ಮಡಿಕೆಗಳ ರಾಶಿ ಕಂಡು ಬರುತ್ತಿದೆ. ಗ್ರಾಹಕರು ಮಡಿಕೆ ಖರೀದಿಗೆ ಮುಗಿಬೀಳುತ್ತಿದ್ದಾರೆ. ಮಡಿಕೆ ನೀರು ನೈಸರ್ಗಿಕವಾಗಿ ತಂಪಾಗಿರುತ್ತದೆ. ಸ್ಟೀಲ್, ಅಲ್ಯೂಮಿನಿಯಂ, ಕಂಚು ಪಾತ್ರೆಗಳ ಬದಲಿಗೆ ಜನರು ಮಡಿಕೆ ಬಳಸಲು ಆರಂಭಿಸಿದ್ದಾರೆ. ಈ ಬಾರಿ ಮಡಿಕೆ ಮಾರಾಟಗಾರರಿಗೆ ಉತ್ತಮ ವ್ಯಾಪಾರವಾಗುತ್ತಿದೆ. ತುಮಕೂರು, ಬೆಂಗಳೂರು ಗ್ರಾಮಾಂತರ, ರಾಮನಗರ, ದೊಡ್ಡಬಳ್ಳಾಪುರ ಪ್ರದೇಶಗಳಿಂದ ಮಡಿಕೆಗಳು ಬರುತ್ತಿವೆ.
ಮಾಯವಾಗಿವೆ. ಈ ಹಿನ್ನೆಲೆಯಲ್ಲಿ ಕಡಿಮೆ ಪ್ರಮಾಣದಲ್ಲಿ ಮಡಿಕೆಗಳು ತಯಾರಾಗುತ್ತಿದ್ದು, ದಾಸನಪುರ, ಗುಬ್ಬಿ, ಮಾಗಡಿ ಭಾಗಗಳಿಂದ ವಿಶೇಷ ವಿನ್ಯಾಸದ ಮಡಿಕೆಗಳು ಬರುತ್ತಿವೆ. ಕೆಲವರು ತಮ್ಮ ಮನೆಗಳಲ್ಲೇ ಮಡಿಕೆ ತಯಾರಿಸಿ ಮಾರಾಟ ಮಾಡುತ್ತಿದ್ದಾರೆ. ಬೇಸಿಗೆ ಮುಗಿಯುವವರೆಗೂ ಮಡಿಕೆಗಳಿಗೆ ಬೇಡಿಕೆ ಇರಲಿದೆ ಎಂದು ವ್ಯಾಪಾರಿಗಳು ತಿಳಿಸಿದ್ದಾರೆ. ಮೊದಲೆಲ್ಲಾ ಸ್ಥಳೀಯವಾಗಿ ಮಡಿಕೆಗಳು ದೊರೆಯುತ್ತಿದ್ದವು ಈಗ ಬೇರೆ ಕಡೆಯಿಂದ ತರಿಸಿಕೊಳ್ಳಬೇಕಾಗಿದೆ. ಆಂಧ್ರ ಭಾಗದಿಂದ ಕೂಡ ಮಡಿಕೆಗಳು ಬರುತ್ತಿದ್ದು ಗಾತ್ರಕ್ಕೆ ತಕ್ಕಂತೆ ಬೆಲೆ ನಿಗದಿಯಾಗಿದೆ. ಜನರ ಬೇಡಿಕೆಗೆ ತಕ್ಕಂತೆ ಪೂರೈಕೆ ಮಾಡಲಾಗುತ್ತಿದೆ.
Printed by : H.L.AMARANATH, Owned by: H.L.AMARANATH, Printed at : SREE MANJUNATHA ENTERPRISES No. 7, Tirugappa lane, Cottonpet cross, Cottonpet, Bangalore-560053.
Published at : No.97, 2nd Cross, Vivekanandanagar, Khadi Commission Layout, BSK 3rd Stage, Kathariguppe Main Road, Bengaluru-560085. Mobile: 9663122276 Editor : H.L.AMARANATH
